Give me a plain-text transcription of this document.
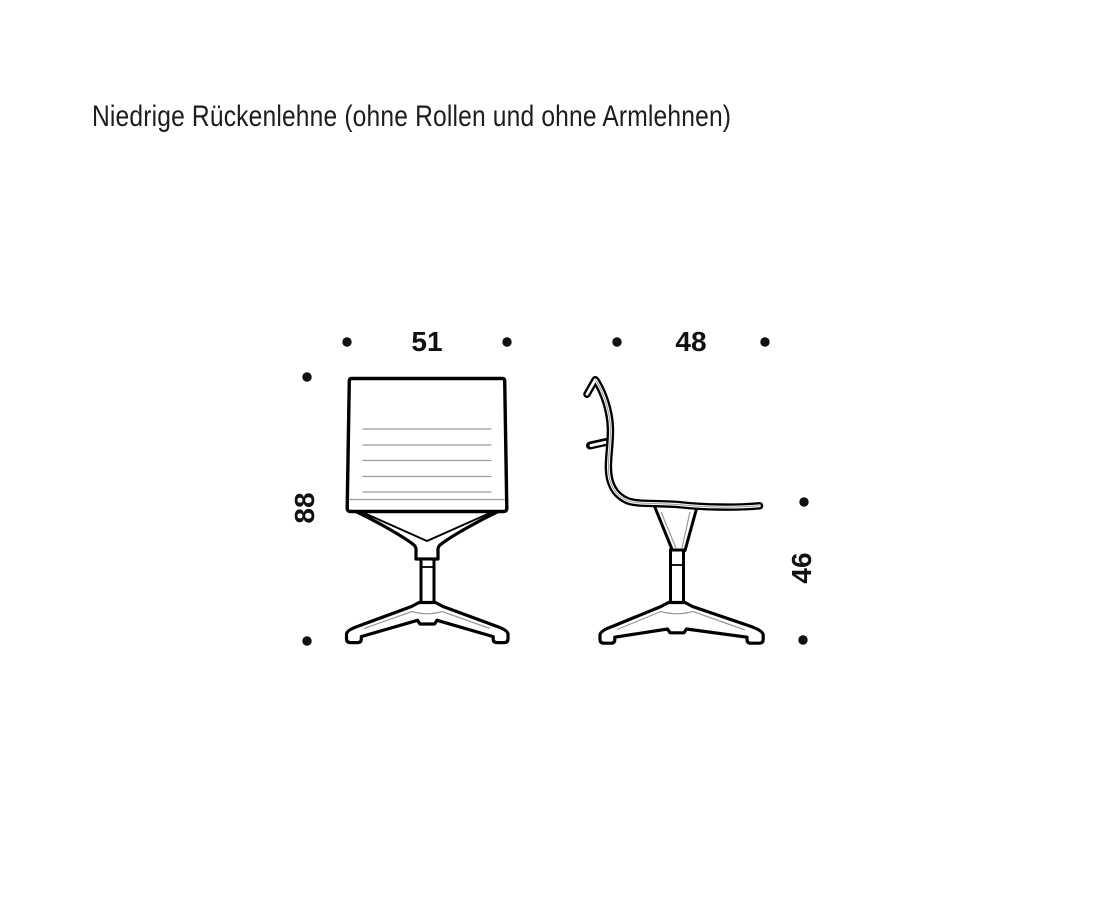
Niedrige Rückenlehne (ohne Rollen und ohne Armlehnen)
51
88
48
46
